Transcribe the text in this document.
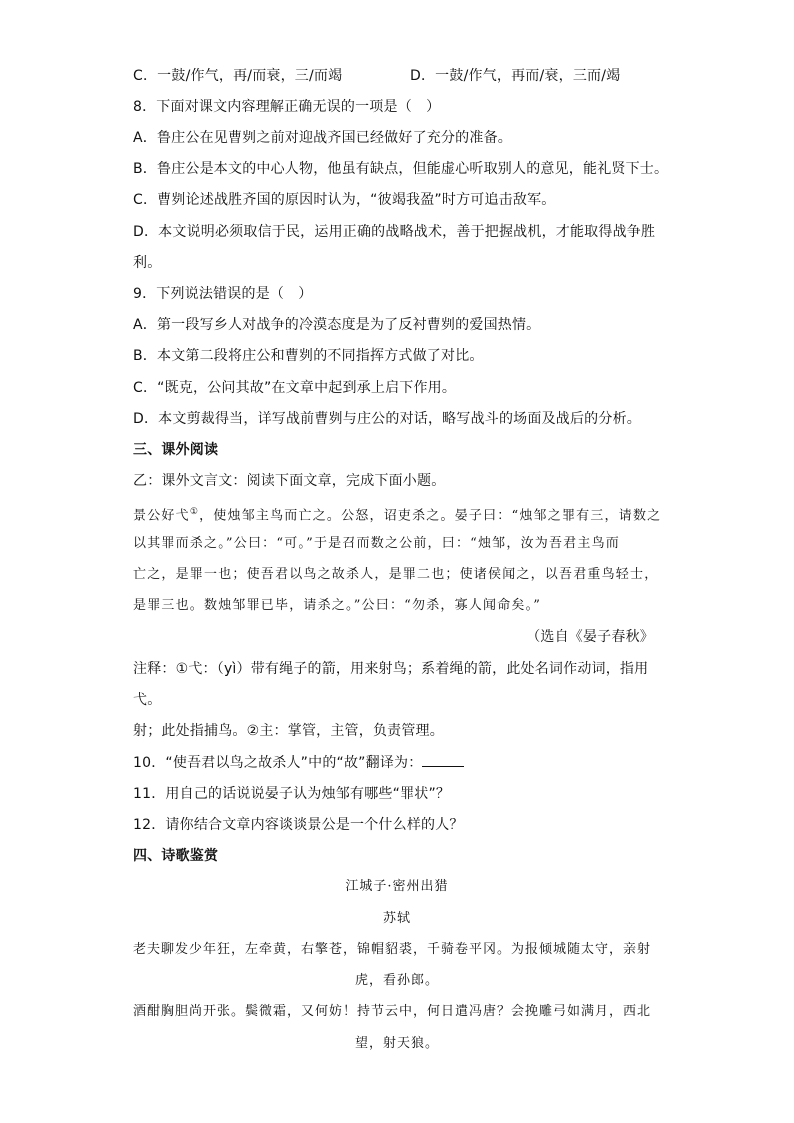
C．一鼓/作气，再/而衰，三/而竭	D．一鼓/作气，再而/衰，三而/竭
8．下面对课文内容理解正确无误的一项是（　）
A．鲁庄公在见曹刿之前对迎战齐国已经做好了充分的准备。
B．鲁庄公是本文的中心人物，他虽有缺点，但能虚心听取别人的意见，能礼贤下士。
C．曹刿论述战胜齐国的原因时认为，“彼竭我盈”时方可追击敌军。
D．本文说明必须取信于民，运用正确的战略战术，善于把握战机，才能取得战争胜
利。
9．下列说法错误的是（　）
A．第一段写乡人对战争的冷漠态度是为了反衬曹刿的爱国热情。
B．本文第二段将庄公和曹刿的不同指挥方式做了对比。
C．“既克，公问其故”在文章中起到承上启下作用。
D．本文剪裁得当，详写战前曹刿与庄公的对话，略写战斗的场面及战后的分析。
三、课外阅读
乙：课外文言文：阅读下面文章，完成下面小题。
景公好弋①，使烛邹主鸟而亡之。公怒，诏吏杀之。晏子曰：“烛邹之罪有三，请数之
以其罪而杀之。”公曰：“可。”于是召而数之公前，曰：“烛邹，汝为吾君主鸟而
亡之，是罪一也；使吾君以鸟之故杀人，是罪二也；使诸侯闻之，以吾君重鸟轻士，
是罪三也。数烛邹罪已毕，请杀之。”公曰：“勿杀，寡人闻命矣。”
（选自《晏子春秋》
注释：①弋：（yì）带有绳子的箭，用来射鸟；系着绳的箭，此处名词作动词，指用
弋。
射；此处指捕鸟。②主：掌管，主管，负责管理。
10．“使吾君以鸟之故杀人”中的“故”翻译为：
11．用自己的话说说晏子认为烛邹有哪些“罪状”？
12．请你结合文章内容谈谈景公是一个什么样的人？
四、诗歌鉴赏
江城子·密州出猎
苏轼
老夫聊发少年狂，左牵黄，右擎苍，锦帽貂裘，千骑卷平冈。为报倾城随太守，亲射
虎，看孙郎。
酒酣胸胆尚开张。鬓微霜，又何妨！持节云中，何日遣冯唐？会挽雕弓如满月，西北
望，射天狼。
